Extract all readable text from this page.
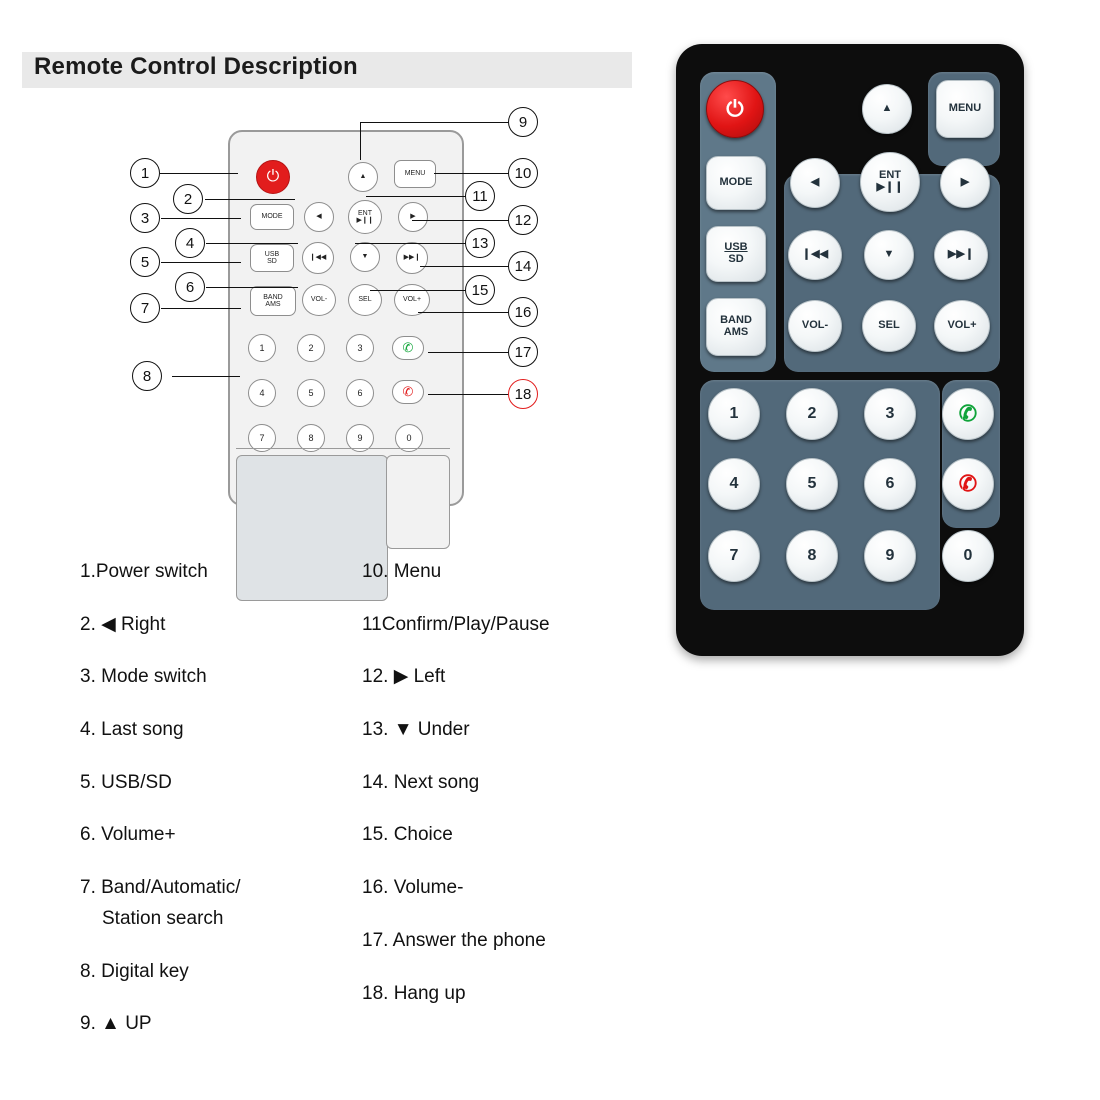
Remote Control Description
⏻	▲	MENU
MODE	◀
ENT
▶❙❙
▶
USB
SD
❙◀◀	▼	▶▶❙
BAND
AMS
VOL-	SEL	VOL+
1	2	3
4	5	6
7	8	9	0
✆
✆
1
2
3
4
5
6
7
8
9
10
11
12
13
14
15
16
17
18
⏻	▲	MENU
MODE	◀
ENT
▶❙❙	▶
USB
SD	❙◀◀	▼	▶▶❙
BAND
AMS
VOL-	SEL	VOL+
1	2	3
4	5	6
7	8	9	0
✆
✆
1.Power switch
2. ◀ Right
3. Mode switch
4. Last song
5. USB/SD
6. Volume+
7. Band/Automatic/
Station search
8. Digital key
9. ▲ UP
10. Menu
11Confirm/Play/Pause
12. ▶ Left
13. ▼ Under
14. Next song
15. Choice
16. Volume-
17. Answer the phone
18. Hang up
